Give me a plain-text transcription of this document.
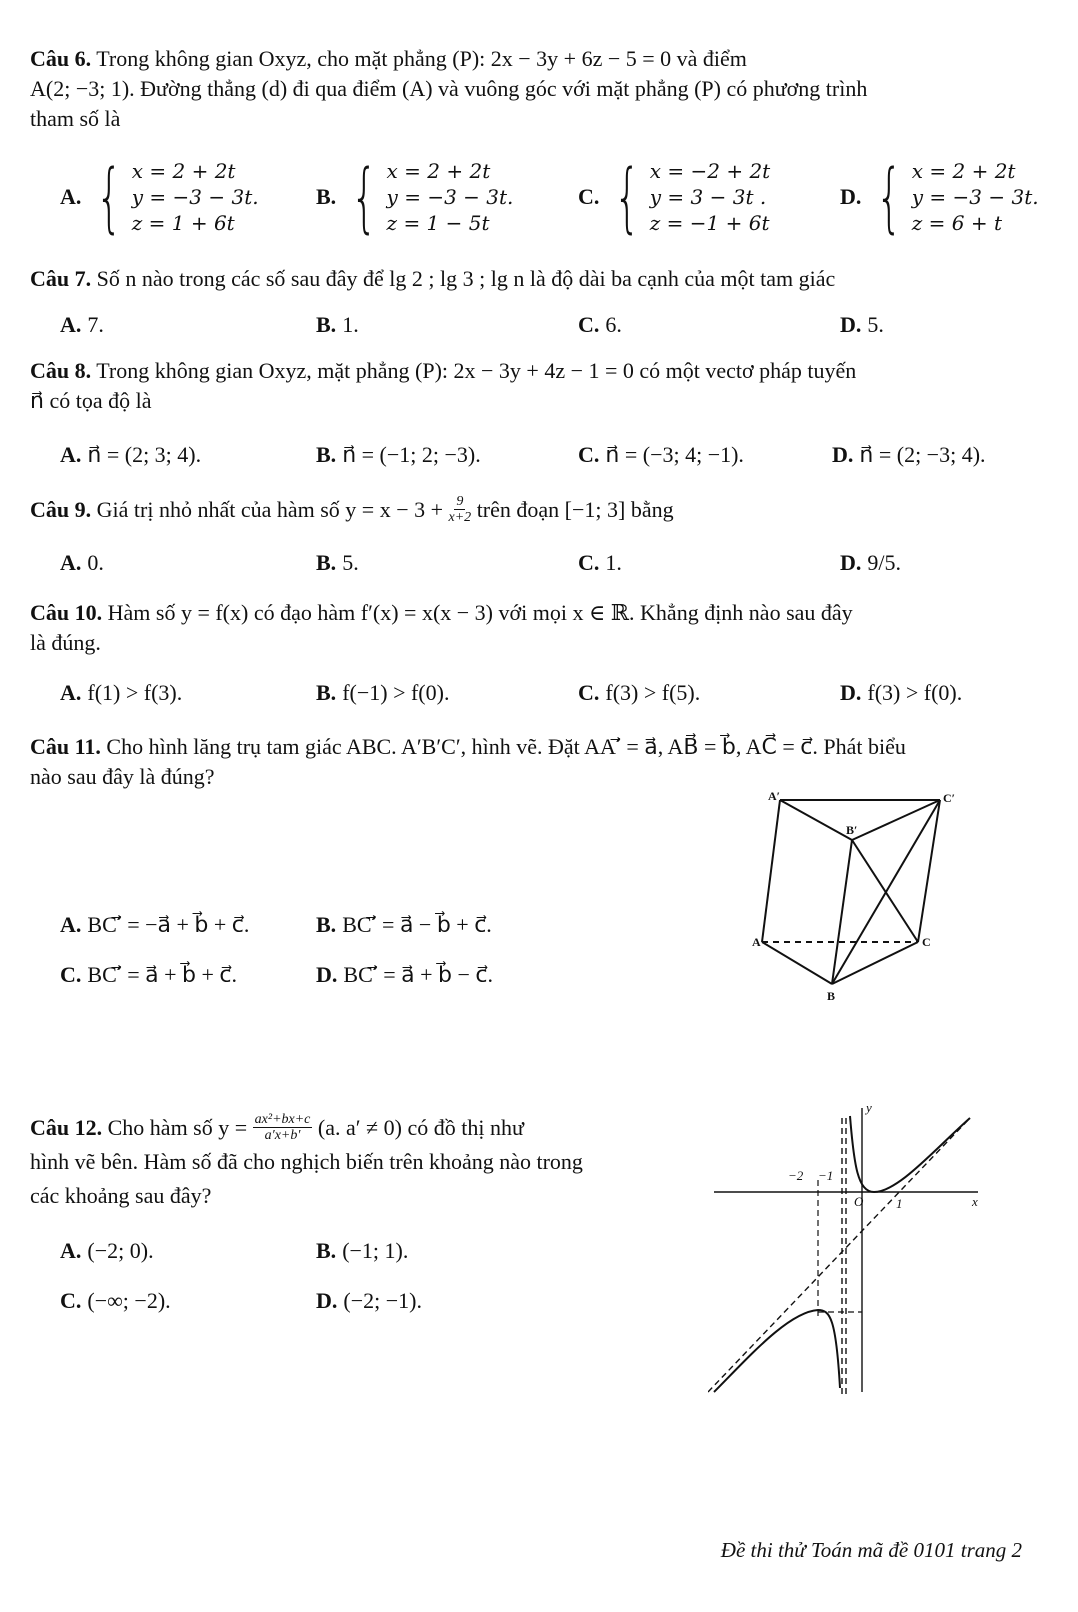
Câu 6. Trong không gian Oxyz, cho mặt phẳng (P): 2x − 3y + 6z − 5 = 0 và điểm
A(2; −3; 1). Đường thẳng (d) đi qua điểm (A) và vuông góc với mặt phẳng (P) có phương trình
tham số là
A. { x = 2 + 2t
y = −3 − 3t.
z = 1 + 6t
B. { x = 2 + 2t
y = −3 − 3t.
z = 1 − 5t
C. { x = −2 + 2t
y = 3 − 3t .
z = −1 + 6t
D. { x = 2 + 2t
y = −3 − 3t.
z = 6 + t
Câu 7. Số n nào trong các số sau đây để lg 2 ; lg 3 ; lg n là độ dài ba cạnh của một tam giác
A. 7.	B. 1.	C. 6.	D. 5.
Câu 8. Trong không gian Oxyz, mặt phẳng (P): 2x − 3y + 4z − 1 = 0 có một vectơ pháp tuyến
n⃗ có tọa độ là
A. n⃗ = (2; 3; 4).	B. n⃗ = (−1; 2; −3).	C. n⃗ = (−3; 4; −1).	D. n⃗ = (2; −3; 4).
Câu 9.
Giá trị nhỏ nhất của hàm số y = x − 3 +
$\frac{9}{x+2}$
trên đoạn [−1; 3] bằng
A. 0.	B. 5.	C. 1.	D. 9/5.
Câu 10. Hàm số y = f(x) có đạo hàm f′(x) = x(x − 3) với mọi x ∈ ℝ. Khẳng định nào sau đây
là đúng.
A. f(1) > f(3).	B. f(−1) > f(0).	C. f(3) > f(5).	D. f(3) > f(0).
Câu 11. Cho hình lăng trụ tam giác ABC. A′B′C′, hình vẽ. Đặt AA′⃗ = a⃗, AB⃗ = b⃗, AC⃗ = c⃗. Phát biểu
nào sau đây là đúng?
A. BC′⃗ = −a⃗ + b⃗ + c⃗.	B. BC′⃗ = a⃗ − b⃗ + c⃗.
C. BC′⃗ = a⃗ + b⃗ + c⃗.	D. BC′⃗ = a⃗ + b⃗ − c⃗.
A′	C′
B′
A	C
B
Câu 12.
Cho hàm số y =
$\frac{\text{ax²+bx+c}}{a'x+b'}$
(a. a′ ≠ 0) có đồ thị như
hình vẽ bên. Hàm số đã cho nghịch biến trên khoảng nào trong
các khoảng sau đây?
A. (−2; 0).	B. (−1; 1).
C. (−∞; −2).	D. (−2; −1).
y
x
O	1
−2 −1
Đề thi thử Toán mã đề 0101 trang 2
